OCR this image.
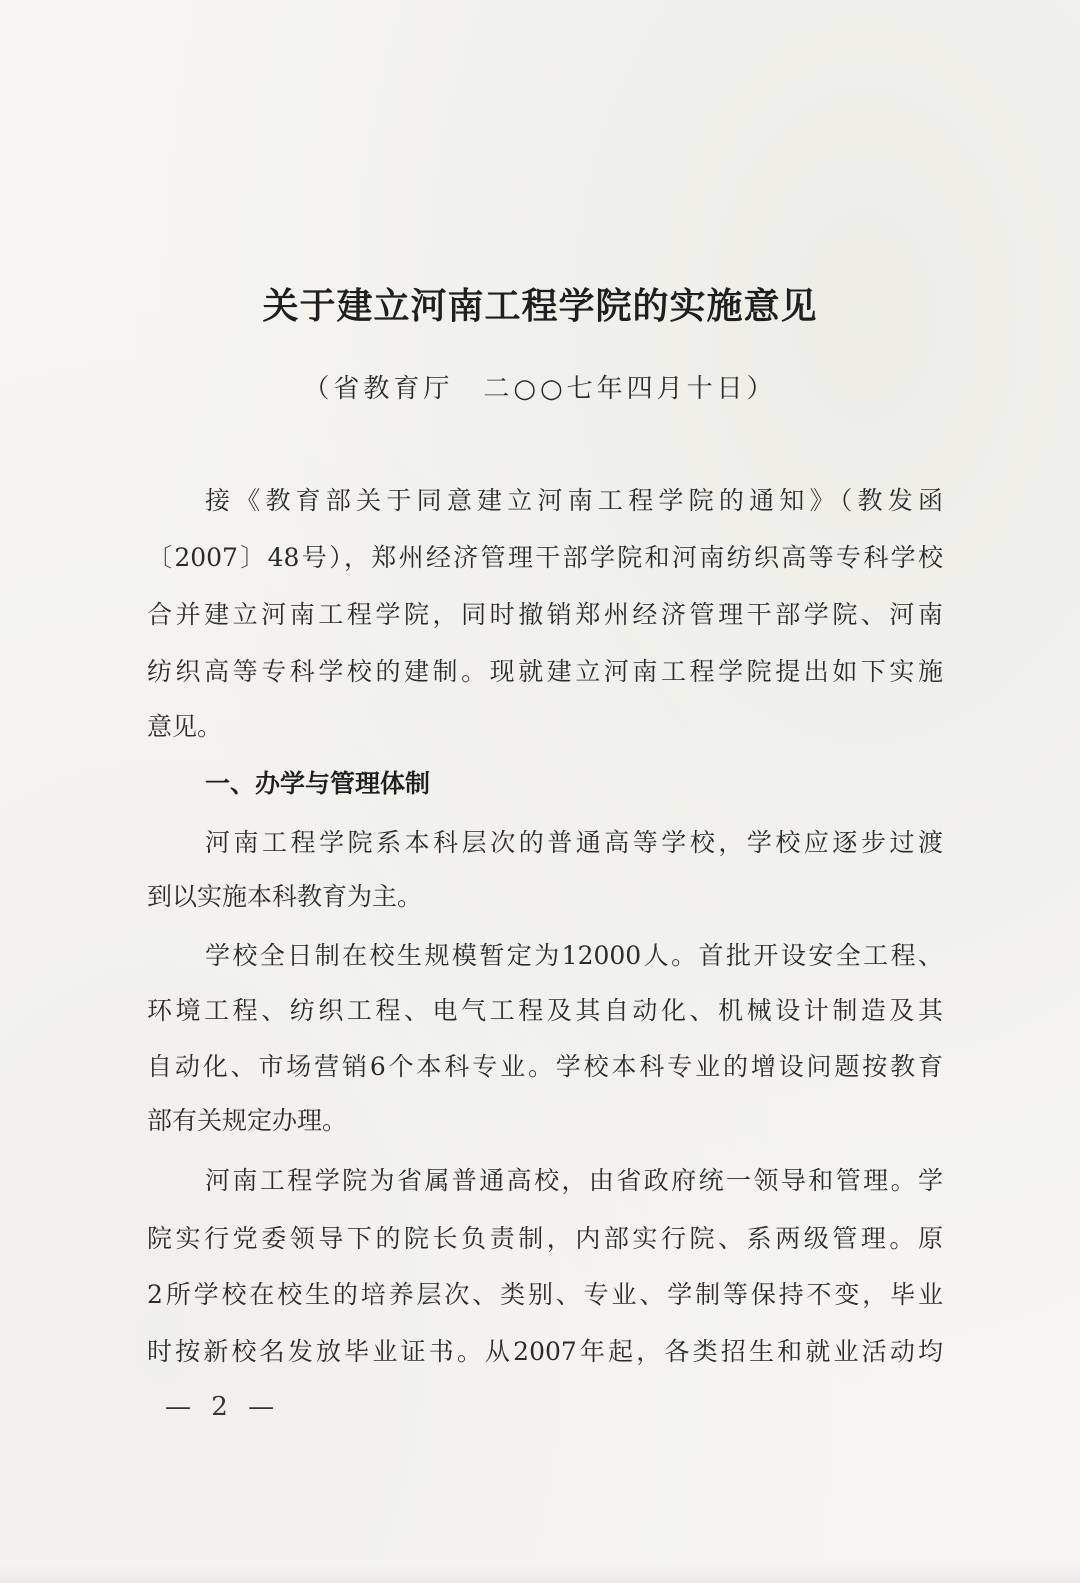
关于建立河南工程学院的实施意见
（省教育厅　二○○七年四月十日）
接《教育部关于同意建立河南工程学院的通知》（教发函
〔2007〕48号），郑州经济管理干部学院和河南纺织高等专科学校
合并建立河南工程学院，同时撤销郑州经济管理干部学院、河南
纺织高等专科学校的建制。现就建立河南工程学院提出如下实施
意见。
一、办学与管理体制
河南工程学院系本科层次的普通高等学校，学校应逐步过渡
到以实施本科教育为主。
学校全日制在校生规模暂定为12000人。首批开设安全工程、
环境工程、纺织工程、电气工程及其自动化、机械设计制造及其
自动化、市场营销6个本科专业。学校本科专业的增设问题按教育
部有关规定办理。
河南工程学院为省属普通高校，由省政府统一领导和管理。学
院实行党委领导下的院长负责制，内部实行院、系两级管理。原
2所学校在校生的培养层次、类别、专业、学制等保持不变，毕业
时按新校名发放毕业证书。从2007年起，各类招生和就业活动均
— 2 —
